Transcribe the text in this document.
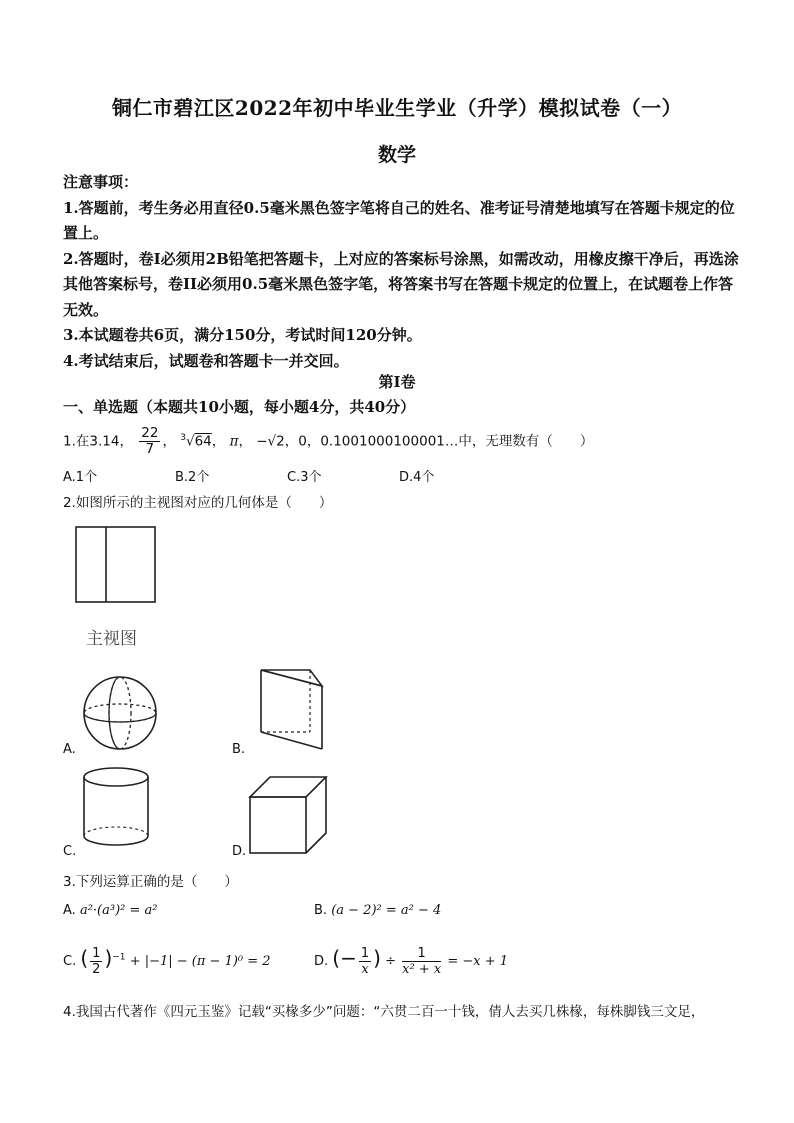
铜仁市碧江区2022年初中毕业生学业（升学）模拟试卷（一）
数学

注意事项：

1.答题前，考生务必用直径0.5毫米黑色签字笔将自己的姓名、准考证号清楚地填写在答题卡规定的位置上。

2.答题时，卷I必须用2B铅笔把答题卡，上对应的答案标号涂黑，如需改动，用橡皮擦干净后，再选涂其他答案标号，卷II必须用0.5毫米黑色签字笔，将答案书写在答题卡规定的位置上，在试题卷上作答无效。

3.本试题卷共6页，满分150分，考试时间120分钟。

4.考试结束后，试题卷和答题卡一并交回。

第I卷
一、单选题（本题共10小题，每小题4分，共40分）
1.在3.14， $\frac{22}{7}$ ， $^3$√64， π， −√2，0，0.1001000100001…中，无理数有（　　）
A.1个	B.2个	C.3个	D.4个
2.如图所示的主视图对应的几何体是（　　）
主视图
A.	B.
C.	D.
3.下列运算正确的是（　　）
A. a²·(a³)² = a²	B. (a − 2)² = a² − 4
C. ( $\frac{1}{2} )^{-1} + |-1| - (\pi - 1)^0 = 2$	D. (− $\frac{1}{x}$ ) ÷ $\frac{1}{\text{x² + x}} = -x + 1$
4.我国古代著作《四元玉鉴》记载“买椽多少”问题：“六贯二百一十钱，倩人去买几株椽，每株脚钱三文足，
